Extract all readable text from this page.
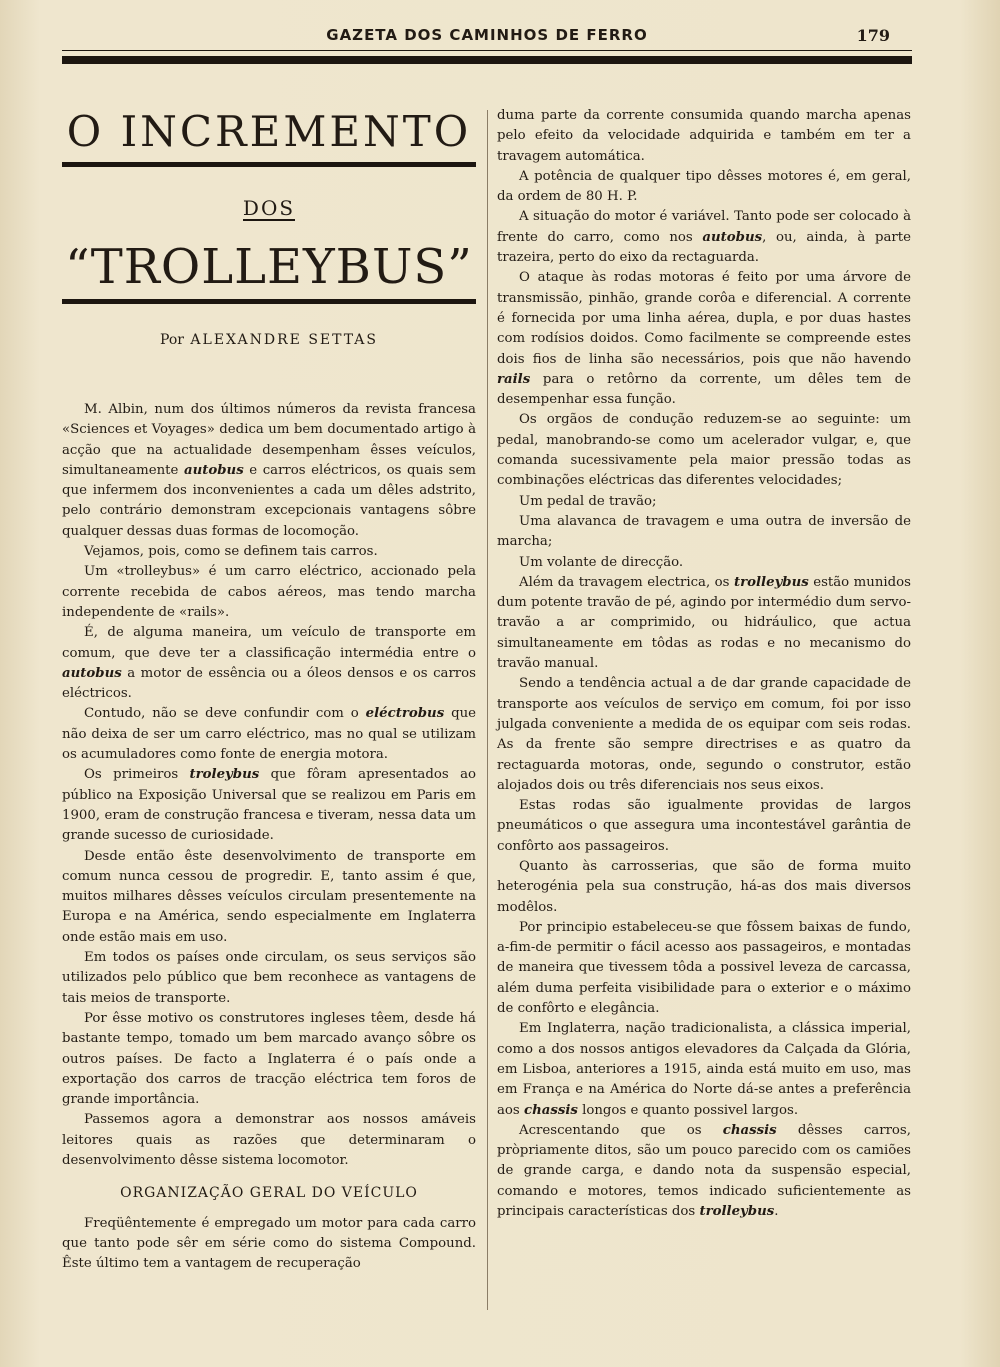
GAZETA DOS CAMINHOS DE FERRO	179
O INCREMENTO
DOS
“TROLLEYBUS”
Por ALEXANDRE SETTAS

M. Albin, num dos últimos números da revista francesa «Sciences et Voyages» dedica um bem documentado artigo à acção que na actualidade desempenham êsses veículos, simultaneamente autobus e carros eléctricos, os quais sem que infermem dos inconvenientes a cada um dêles adstrito, pelo contrário demonstram excepcionais vantagens sôbre qualquer dessas duas formas de locomoção.

Vejamos, pois, como se definem tais carros.

Um «trolleybus» é um carro eléctrico, accionado pela corrente recebida de cabos aéreos, mas tendo marcha independente de «rails».

É, de alguma maneira, um veículo de transporte em comum, que deve ter a classificação intermédia entre o autobus a motor de essência ou a óleos densos e os carros eléctricos.

Contudo, não se deve confundir com o eléctrobus que não deixa de ser um carro eléctrico, mas no qual se utilizam os acumuladores como fonte de energia motora.

Os primeiros troleybus que fôram apresentados ao público na Exposição Universal que se realizou em Paris em 1900, eram de construção francesa e tiveram, nessa data um grande sucesso de curiosidade.

Desde então êste desenvolvimento de transporte em comum nunca cessou de progredir. E, tanto assim é que, muitos milhares dêsses veículos circulam presentemente na Europa e na América, sendo especialmente em Inglaterra onde estão mais em uso.

Em todos os países onde circulam, os seus serviços são utilizados pelo público que bem reconhece as vantagens de tais meios de transporte.

Por êsse motivo os construtores ingleses têem, desde há bastante tempo, tomado um bem marcado avanço sôbre os outros países. De facto a Inglaterra é o país onde a exportação dos carros de tracção eléctrica tem foros de grande importância.

Passemos agora a demonstrar aos nossos amáveis leitores quais as razões que determinaram o desenvolvimento dêsse sistema locomotor.

ORGANIZAÇÃO GERAL DO VEÍCULO

Freqüêntemente é empregado um motor para cada carro que tanto pode sêr em série como do sistema Compound. Êste último tem a vantagem de recuperação

duma parte da corrente consumida quando marcha apenas pelo efeito da velocidade adquirida e também em ter a travagem automática.

A potência de qualquer tipo dêsses motores é, em geral, da ordem de 80 H. P.

A situação do motor é variável. Tanto pode ser colocado à frente do carro, como nos autobus, ou, ainda, à parte trazeira, perto do eixo da rectaguarda.

O ataque às rodas motoras é feito por uma árvore de transmissão, pinhão, grande corôa e diferencial. A corrente é fornecida por uma linha aérea, dupla, e por duas hastes com rodísios doidos. Como facilmente se compreende estes dois fios de linha são necessários, pois que não havendo rails para o retôrno da corrente, um dêles tem de desempenhar essa função.

Os orgãos de condução reduzem-se ao seguinte: um pedal, manobrando-se como um acelerador vulgar, e, que comanda sucessivamente pela maior pressão todas as combinações eléctricas das diferentes velocidades;

Um pedal de travão;

Uma alavanca de travagem e uma outra de inversão de marcha;

Um volante de direcção.

Além da travagem electrica, os trolleybus estão munidos dum potente travão de pé, agindo por intermédio dum servo-travão a ar comprimido, ou hidráulico, que actua simultaneamente em tôdas as rodas e no mecanismo do travão manual.

Sendo a tendência actual a de dar grande capacidade de transporte aos veículos de serviço em comum, foi por isso julgada conveniente a medida de os equipar com seis rodas. As da frente são sempre directrises e as quatro da rectaguarda motoras, onde, segundo o construtor, estão alojados dois ou três diferenciais nos seus eixos.

Estas rodas são igualmente providas de largos pneumáticos o que assegura uma incontestável garântia de confôrto aos passageiros.

Quanto às carrosserias, que são de forma muito heterogénia pela sua construção, há-as dos mais diversos modêlos.

Por principio estabeleceu-se que fôssem baixas de fundo, a-fim-de permitir o fácil acesso aos passageiros, e montadas de maneira que tivessem tôda a possivel leveza de carcassa, além duma perfeita visibilidade para o exterior e o máximo de confôrto e elegância.

Em Inglaterra, nação tradicionalista, a clássica imperial, como a dos nossos antigos elevadores da Calçada da Glória, em Lisboa, anteriores a 1915, ainda está muito em uso, mas em França e na América do Norte dá-se antes a preferência aos chassis longos e quanto possivel largos.

Acrescentando que os chassis dêsses carros, pròpriamente ditos, são um pouco parecido com os camiões de grande carga, e dando nota da suspensão especial, comando e motores, temos indicado suficientemente as principais características dos trolleybus.
